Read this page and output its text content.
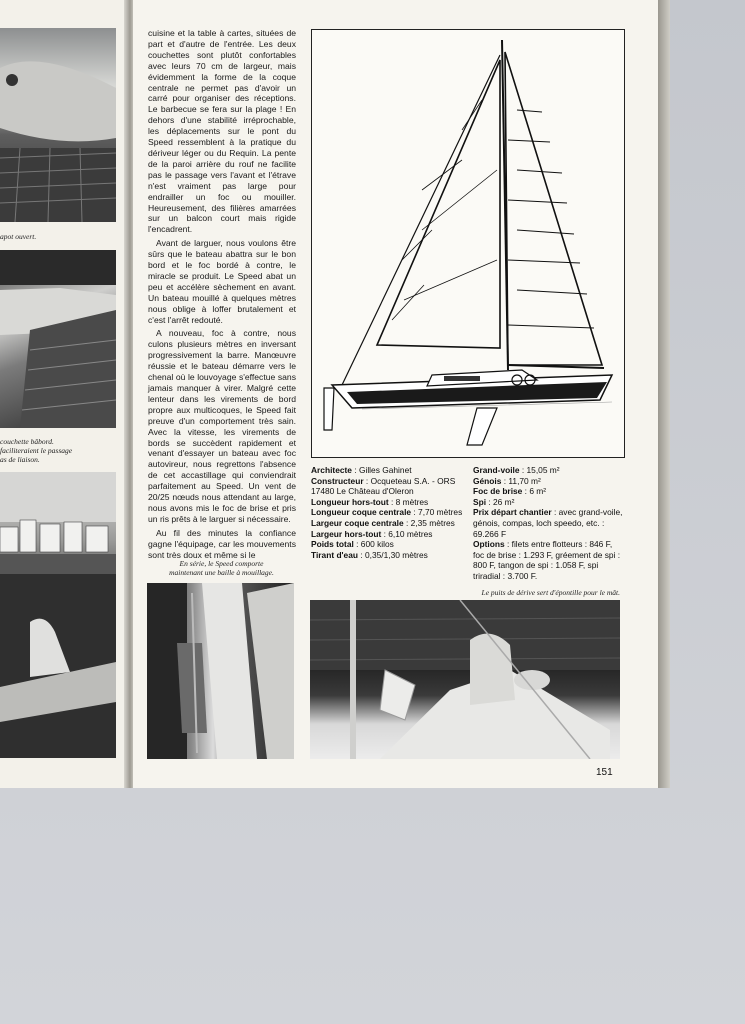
apot ouvert.
couchette bâbord.
faciliteraient le passage
as de liaison.

cuisine et la table à cartes, situées de part et d'autre de l'entrée. Les deux couchettes sont plutôt confortables avec leurs 70 cm de largeur, mais évidemment la forme de la coque centrale ne permet pas d'avoir un carré pour organiser des réceptions. Le barbecue se fera sur la plage ! En dehors d'une stabilité irréprochable, les déplacements sur le pont du Speed ressemblent à la pratique du dériveur léger ou du Requin. La pente de la paroi arrière du rouf ne facilite pas le passage vers l'avant et l'étrave n'est vraiment pas large pour endrailler un foc ou mouiller. Heureusement, des filières amarrées sur un balcon court mais rigide l'encadrent.

Avant de larguer, nous voulons être sûrs que le bateau abattra sur le bon bord et le foc bordé à contre, le miracle se produit. Le Speed abat un peu et accélère sèchement en avant. Un bateau mouillé à quelques mètres nous oblige à loffer brutalement et c'est l'arrêt redouté.

A nouveau, foc à contre, nous culons plusieurs mètres en inversant progressivement la barre. Manœuvre réussie et le bateau démarre vers le chenal où le louvoyage s'effectue sans jamais manquer à virer. Malgré cette lenteur dans les virements de bord propre aux multicoques, le Speed fait preuve d'un comportement très sain. Avec la vitesse, les virements de bords se succèdent rapidement et venant d'essayer un bateau avec foc autovireur, nous regrettons l'absence de cet accastillage qui conviendrait parfaitement au Speed. Un vent de 20/25 nœuds nous attendant au large, nous avons mis le foc de brise et pris un ris prêts à le larguer si nécessaire.

Au fil des minutes la confiance gagne l'équipage, car les mouvements sont très doux et même si le

En série, le Speed comporte
maintenant une baille à mouillage.
Architecte : Gilles Gahinet
Constructeur : Ocqueteau S.A. - ORS 17480 Le Château d'Oleron
Longueur hors-tout : 8 mètres
Longueur coque centrale : 7,70 mètres
Largeur coque centrale : 2,35 mètres
Largeur hors-tout : 6,10 mètres
Poids total : 600 kilos
Tirant d'eau : 0,35/1,30 mètres
Grand-voile : 15,05 m²
Génois : 11,70 m²
Foc de brise : 6 m²
Spi : 26 m²
Prix départ chantier : avec grand-voile, génois, compas, loch speedo, etc. : 69.266 F
Options : filets entre flotteurs : 846 F, foc de brise : 1.293 F, gréement de spi : 800 F, tangon de spi : 1.058 F, spi triradial : 3.700 F.
Le puits de dérive sert d'épontille pour le mât.
151
